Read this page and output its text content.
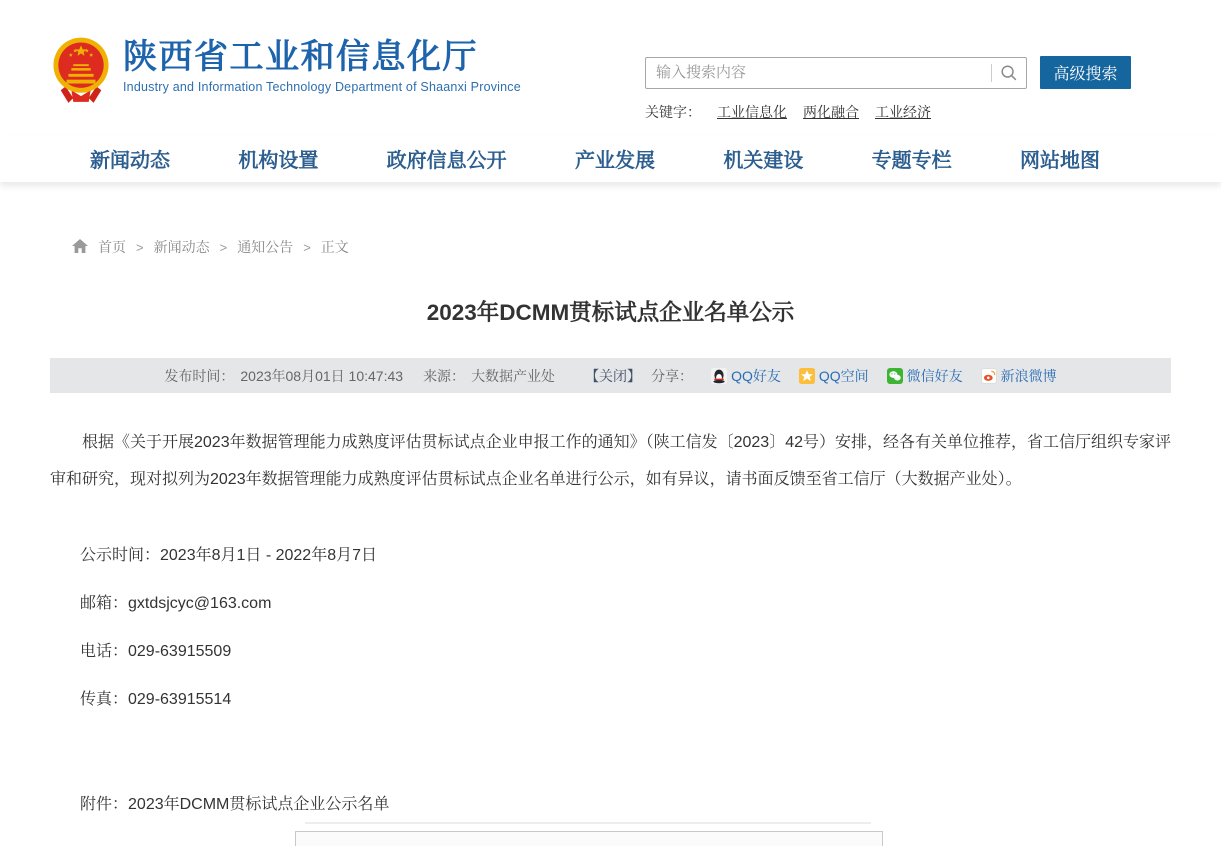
陕西省工业和信息化厅
Industry and Information Technology Department of Shaanxi Province
输入搜索内容
高级搜索
关键字： 工业信息化 两化融合 工业经济
新闻动态	机构设置	政府信息公开	产业发展	机关建设	专题专栏	网站地图
首页 > 新闻动态 > 通知公告 > 正文
2023年DCMM贯标试点企业名单公示
发布时间： 2023年08月01日 10:47:43 来源： 大数据产业处 【关闭】 分享：	QQ好友	QQ空间	微信好友	新浪微博

根据《关于开展2023年数据管理能力成熟度评估贯标试点企业申报工作的通知》（陕工信发〔2023〕42号）安排，经各有关单位推荐，省工信厅组织专家评审和研究，现对拟列为2023年数据管理能力成熟度评估贯标试点企业名单进行公示，如有异议，请书面反馈至省工信厅（大数据产业处）。

公示时间：2023年8月1日 - 2022年8月7日
邮箱：gxtdsjcyc@163.com
电话：029-63915509
传真：029-63915514
附件：2023年DCMM贯标试点企业公示名单
